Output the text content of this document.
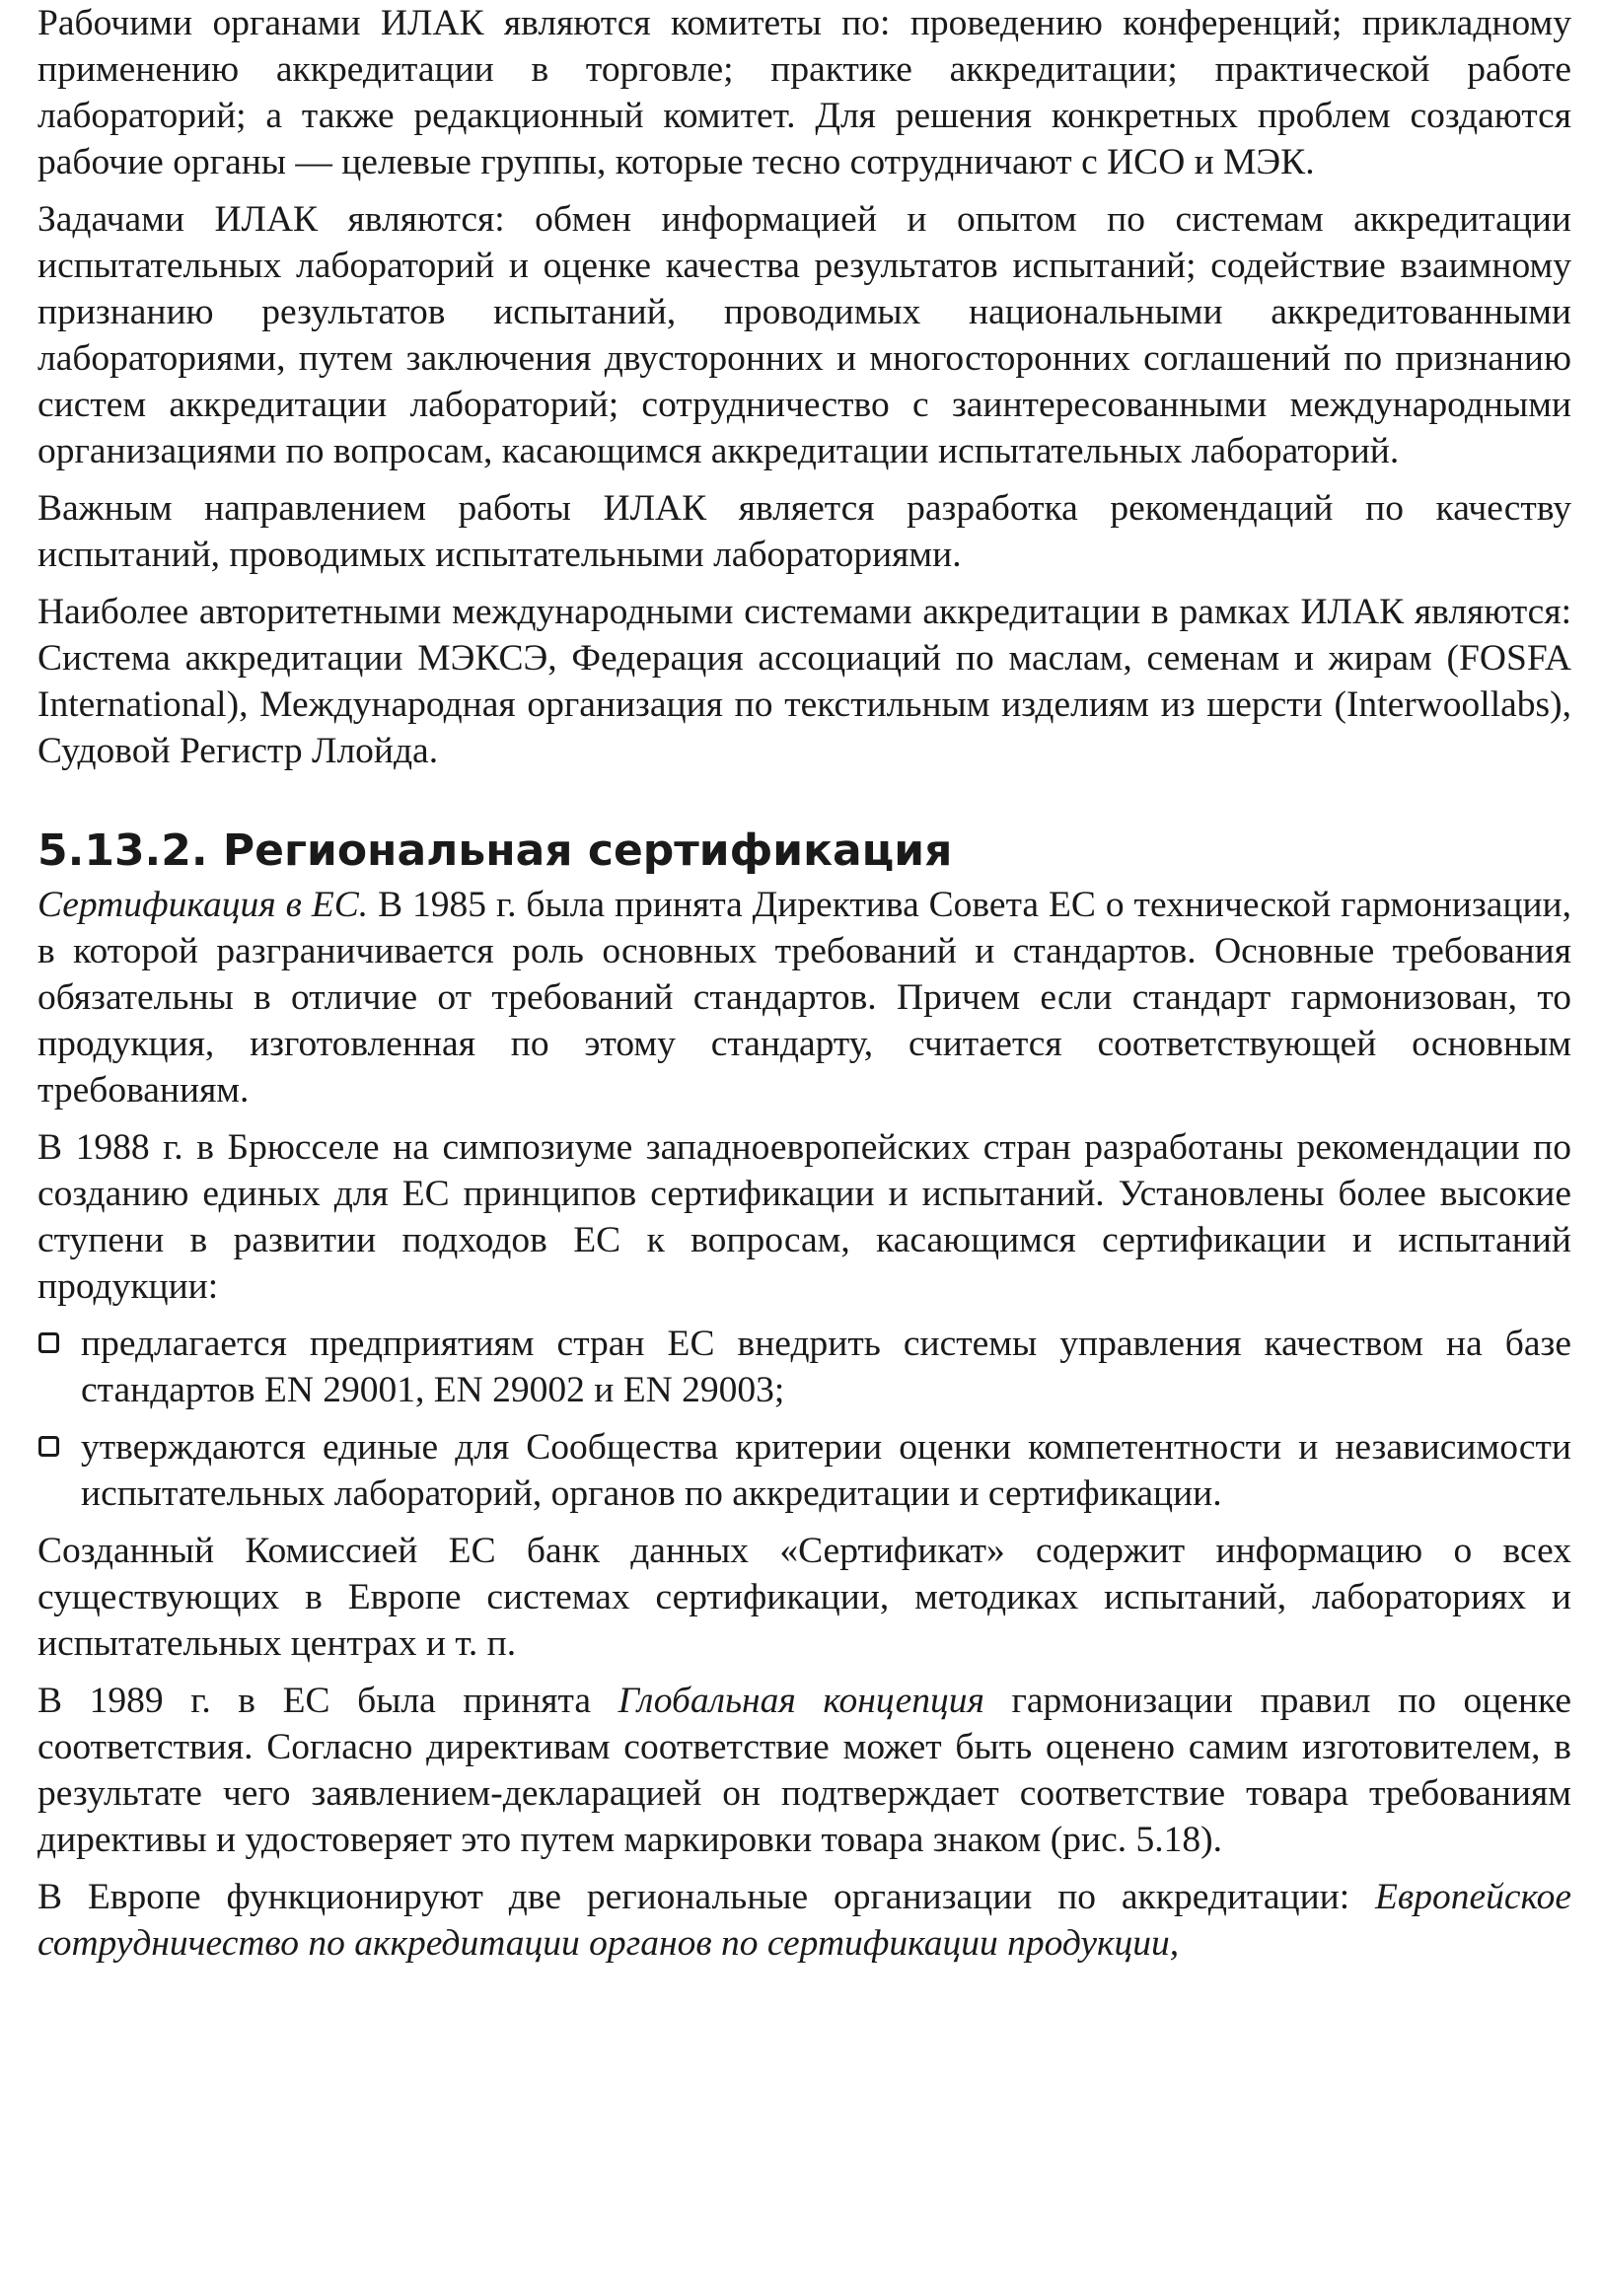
Рабочими органами ИЛАК являются комитеты по: проведению конференций; прикладному применению аккредитации в торговле; практике аккредитации; практической работе лабораторий; а также редакционный комитет. Для решения конкретных проблем создаются рабочие органы — целевые группы, которые тесно сотрудничают с ИСО и МЭК.

Задачами ИЛАК являются: обмен информацией и опытом по системам аккредитации испытательных лабораторий и оценке качества результатов испытаний; содействие взаимному признанию результатов испытаний, проводимых национальными аккредитованными лабораториями, путем заключения двусторонних и многосторонних соглашений по признанию систем аккредитации лабораторий; сотрудничество с заинтересованными международными организациями по вопросам, касающимся аккредитации испытательных лабораторий.

Важным направлением работы ИЛАК является разработка рекомендаций по качеству испытаний, проводимых испытательными лабораториями.

Наиболее авторитетными международными системами аккредитации в рамках ИЛАК являются: Система аккредитации МЭКСЭ, Федерация ассоциаций по маслам, семенам и жирам (FOSFA International), Международная организация по текстильным изделиям из шерсти (Interwoollabs), Судовой Регистр Ллойда.

5.13.2. Региональная сертификация

Сертификация в ЕС. В 1985 г. была принята Директива Совета ЕС о технической гармонизации, в которой разграничивается роль основных требований и стандартов. Основные требования обязательны в отличие от требований стандартов. Причем если стандарт гармонизован, то продукция, изготовленная по этому стандарту, считается соответствующей основным требованиям.

В 1988 г. в Брюсселе на симпозиуме западноевропейских стран разработаны рекомендации по созданию единых для ЕС принципов сертификации и испытаний. Установлены более высокие ступени в развитии подходов ЕС к вопросам, касающимся сертификации и испытаний продукции:

предлагается предприятиям стран ЕС внедрить системы управления качеством на базе стандартов EN 29001, EN 29002 и EN 29003;
утверждаются единые для Сообщества критерии оценки компетентности и независимости испытательных лабораторий, органов по аккредитации и сертификации.

Созданный Комиссией ЕС банк данных «Сертификат» содержит информацию о всех существующих в Европе системах сертификации, методиках испытаний, лабораториях и испытательных центрах и т. п.

В 1989 г. в ЕС была принята Глобальная концепция гармонизации правил по оценке соответствия. Согласно директивам соответствие может быть оценено самим изготовителем, в результате чего заявлением-декларацией он подтверждает соответствие товара требованиям директивы и удостоверяет это путем маркировки товара знаком (рис. 5.18).

В Европе функционируют две региональные организации по аккредитации: Европейское сотрудничество по аккредитации органов по сертификации продукции,
